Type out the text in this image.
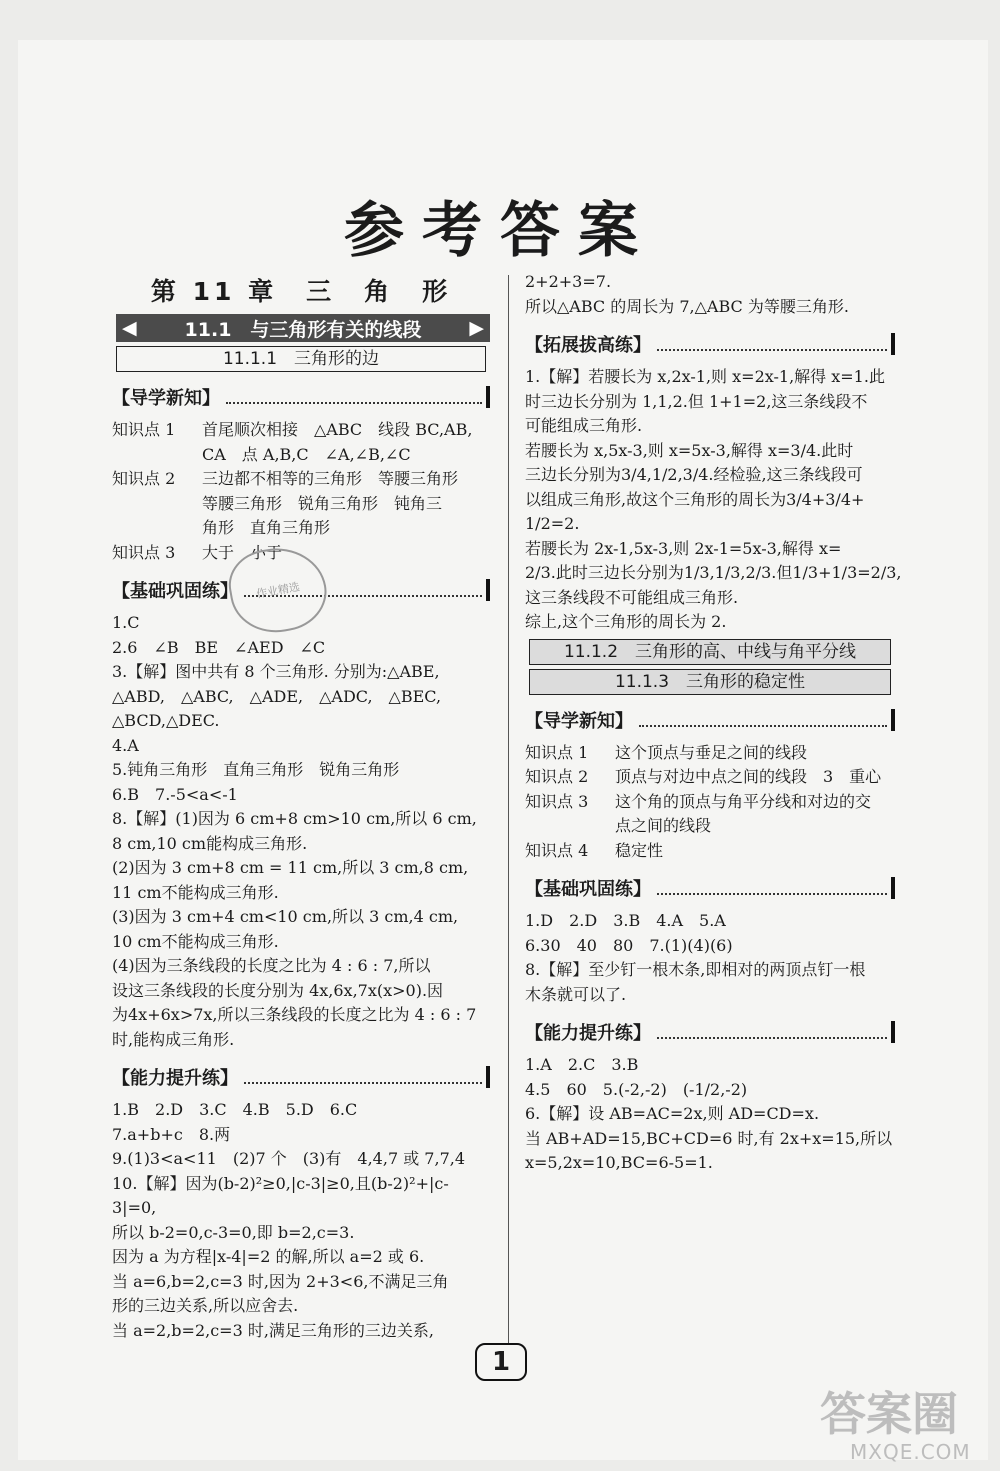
参考答案
第 11 章　三　角　形
◀	11.1　与三角形有关的线段	▶
11.1.1　三角形的边
【导学新知】
知识点 1	首尾顺次相接　△ABC　线段 BC,AB,
CA　点 A,B,C　∠A,∠B,∠C
知识点 2	三边都不相等的三角形　等腰三角形
等腰三角形　锐角三角形　钝角三
角形　直角三角形
知识点 3	大于　小于
【基础巩固练】
1.C
2.6　∠B　BE　∠AED　∠C
3.【解】图中共有 8 个三角形. 分别为:△ABE,
△ABD,　△ABC,　△ADE,　△ADC,　△BEC,
△BCD,△DEC.
4.A
5.钝角三角形　直角三角形　锐角三角形
6.B　7.-5<a<-1
8.【解】(1)因为 6 cm+8 cm>10 cm,所以 6 cm,
8 cm,10 cm能构成三角形.
(2)因为 3 cm+8 cm = 11 cm,所以 3 cm,8 cm,
11 cm不能构成三角形.
(3)因为 3 cm+4 cm<10 cm,所以 3 cm,4 cm,
10 cm不能构成三角形.
(4)因为三条线段的长度之比为 4 : 6 : 7,所以
设这三条线段的长度分别为 4x,6x,7x(x>0).因
为4x+6x>7x,所以三条线段的长度之比为 4 : 6 : 7
时,能构成三角形.
【能力提升练】
1.B　2.D　3.C　4.B　5.D　6.C
7.a+b+c　8.两
9.(1)3<a<11　(2)7 个　(3)有　4,4,7 或 7,7,4
10.【解】因为(b-2)²≥0,|c-3|≥0,且(b-2)²+|c-
3|=0,
所以 b-2=0,c-3=0,即 b=2,c=3.
因为 a 为方程|x-4|=2 的解,所以 a=2 或 6.
当 a=6,b=2,c=3 时,因为 2+3<6,不满足三角
形的三边关系,所以应舍去.
当 a=2,b=2,c=3 时,满足三角形的三边关系,
2+2+3=7.
所以△ABC 的周长为 7,△ABC 为等腰三角形.
【拓展拔高练】
1.【解】若腰长为 x,2x-1,则 x=2x-1,解得 x=1.此
时三边长分别为 1,1,2.但 1+1=2,这三条线段不
可能组成三角形.
若腰长为 x,5x-3,则 x=5x-3,解得 x=3/4.此时
三边长分别为3/4,1/2,3/4.经检验,这三条线段可
以组成三角形,故这个三角形的周长为3/4+3/4+
1/2=2.
若腰长为 2x-1,5x-3,则 2x-1=5x-3,解得 x=
2/3.此时三边长分别为1/3,1/3,2/3.但1/3+1/3=2/3,
这三条线段不可能组成三角形.
综上,这个三角形的周长为 2.
11.1.2　三角形的高、中线与角平分线
11.1.3　三角形的稳定性
【导学新知】
知识点 1	这个顶点与垂足之间的线段
知识点 2	顶点与对边中点之间的线段　3　重心
知识点 3	这个角的顶点与角平分线和对边的交
点之间的线段
知识点 4	稳定性
【基础巩固练】
1.D　2.D　3.B　4.A　5.A
6.30　40　80　7.(1)(4)(6)
8.【解】至少钉一根木条,即相对的两顶点钉一根
木条就可以了.
【能力提升练】
1.A　2.C　3.B
4.5　60　5.(-2,-2)　(-1/2,-2)
6.【解】设 AB=AC=2x,则 AD=CD=x.
当 AB+AD=15,BC+CD=6 时,有 2x+x=15,所以
x=5,2x=10,BC=6-5=1.
作业精选
1
答案圈
MXQE.COM
